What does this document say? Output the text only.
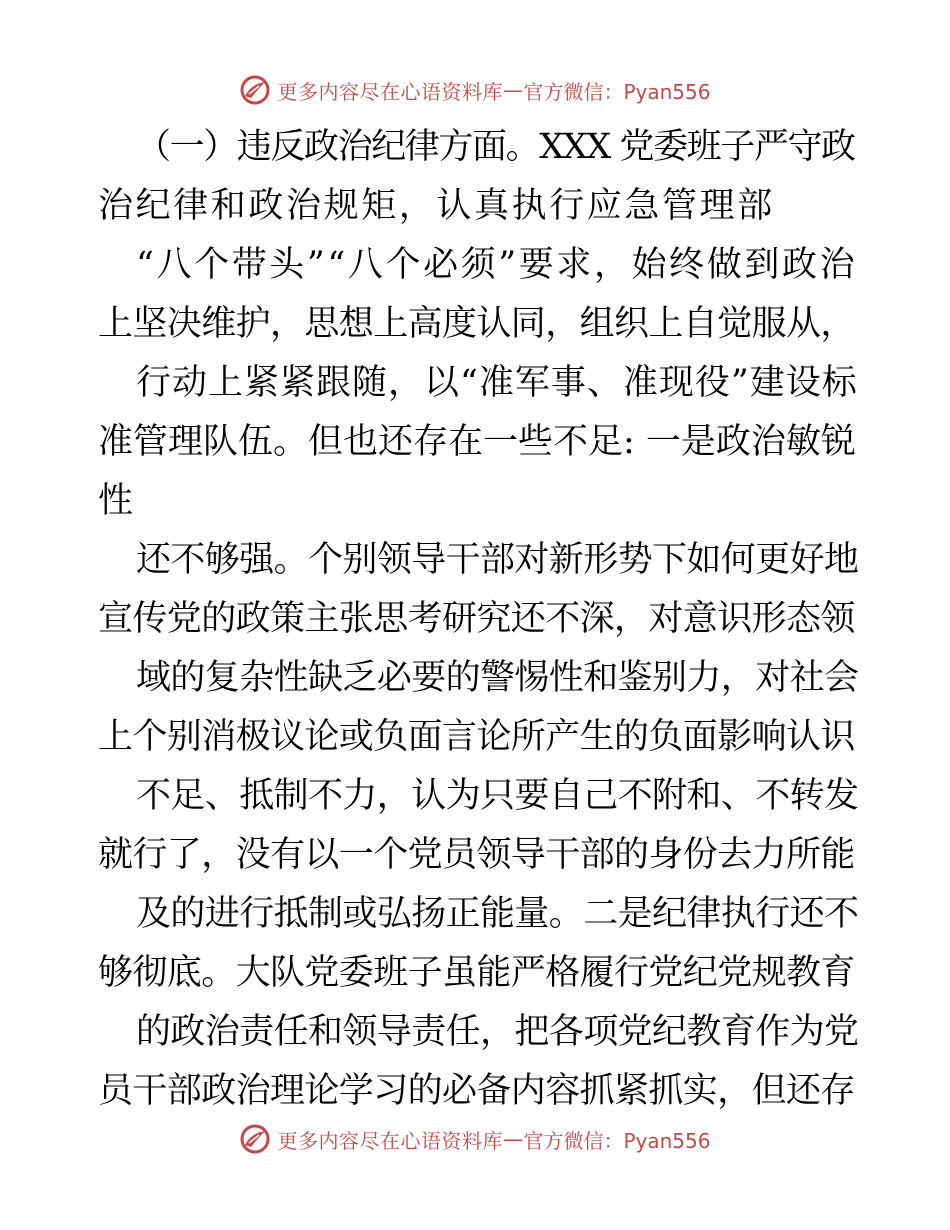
更多内容尽在心语资料库 — 官方微信：Pyan556
（一）违反政治纪律方面。XXX 党委班子严守政
治纪律和政治规矩，认真执行应急管理部
“八个带头”“八个必须”要求，始终做到政治
上坚决维护，思想上高度认同，组织上自觉服从，
行动上紧紧跟随，以“准军事、准现役”建设标
准管理队伍。但也还存在一些不足: 一是政治敏锐
性
还不够强。个别领导干部对新形势下如何更好地
宣传党的政策主张思考研究还不深，对意识形态领
域的复杂性缺乏必要的警惕性和鉴别力，对社会
上个别消极议论或负面言论所产生的负面影响认识
不足、抵制不力，认为只要自己不附和、不转发
就行了，没有以一个党员领导干部的身份去力所能
及的进行抵制或弘扬正能量。二是纪律执行还不
够彻底。大队党委班子虽能严格履行党纪党规教育
的政治责任和领导责任，把各项党纪教育作为党
员干部政治理论学习的必备内容抓紧抓实，但还存
更多内容尽在心语资料库 — 官方微信：Pyan556
